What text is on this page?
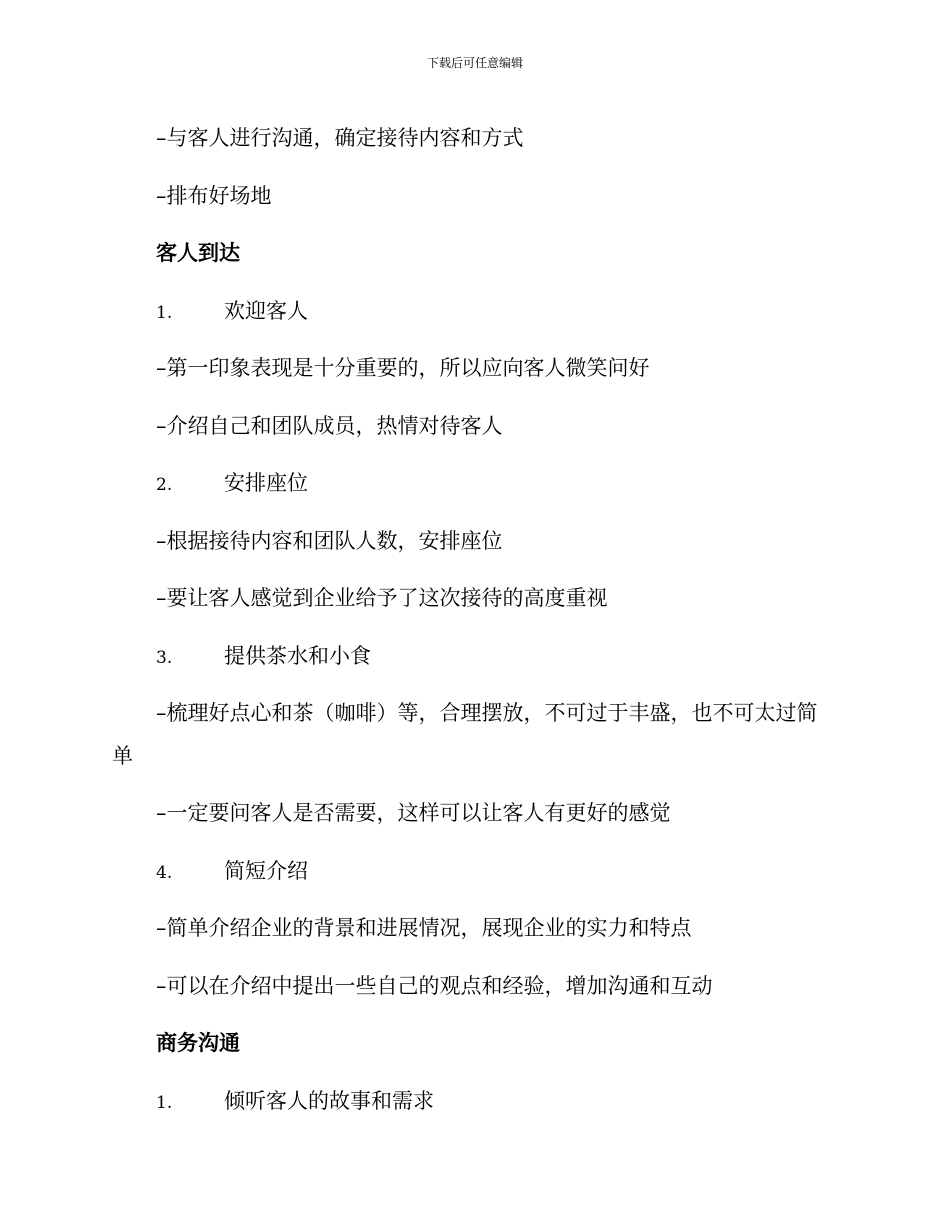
下载后可任意编辑
–与客人进行沟通，确定接待内容和方式
–排布好场地
客人到达
1. 欢迎客人
–第一印象表现是十分重要的，所以应向客人微笑问好
–介绍自己和团队成员，热情对待客人
2. 安排座位
–根据接待内容和团队人数，安排座位
–要让客人感觉到企业给予了这次接待的高度重视
3. 提供茶水和小食
–梳理好点心和茶（咖啡）等，合理摆放，不可过于丰盛，也不可太过简单
–一定要问客人是否需要，这样可以让客人有更好的感觉
4. 简短介绍
–简单介绍企业的背景和进展情况，展现企业的实力和特点
–可以在介绍中提出一些自己的观点和经验，增加沟通和互动
商务沟通
1. 倾听客人的故事和需求
